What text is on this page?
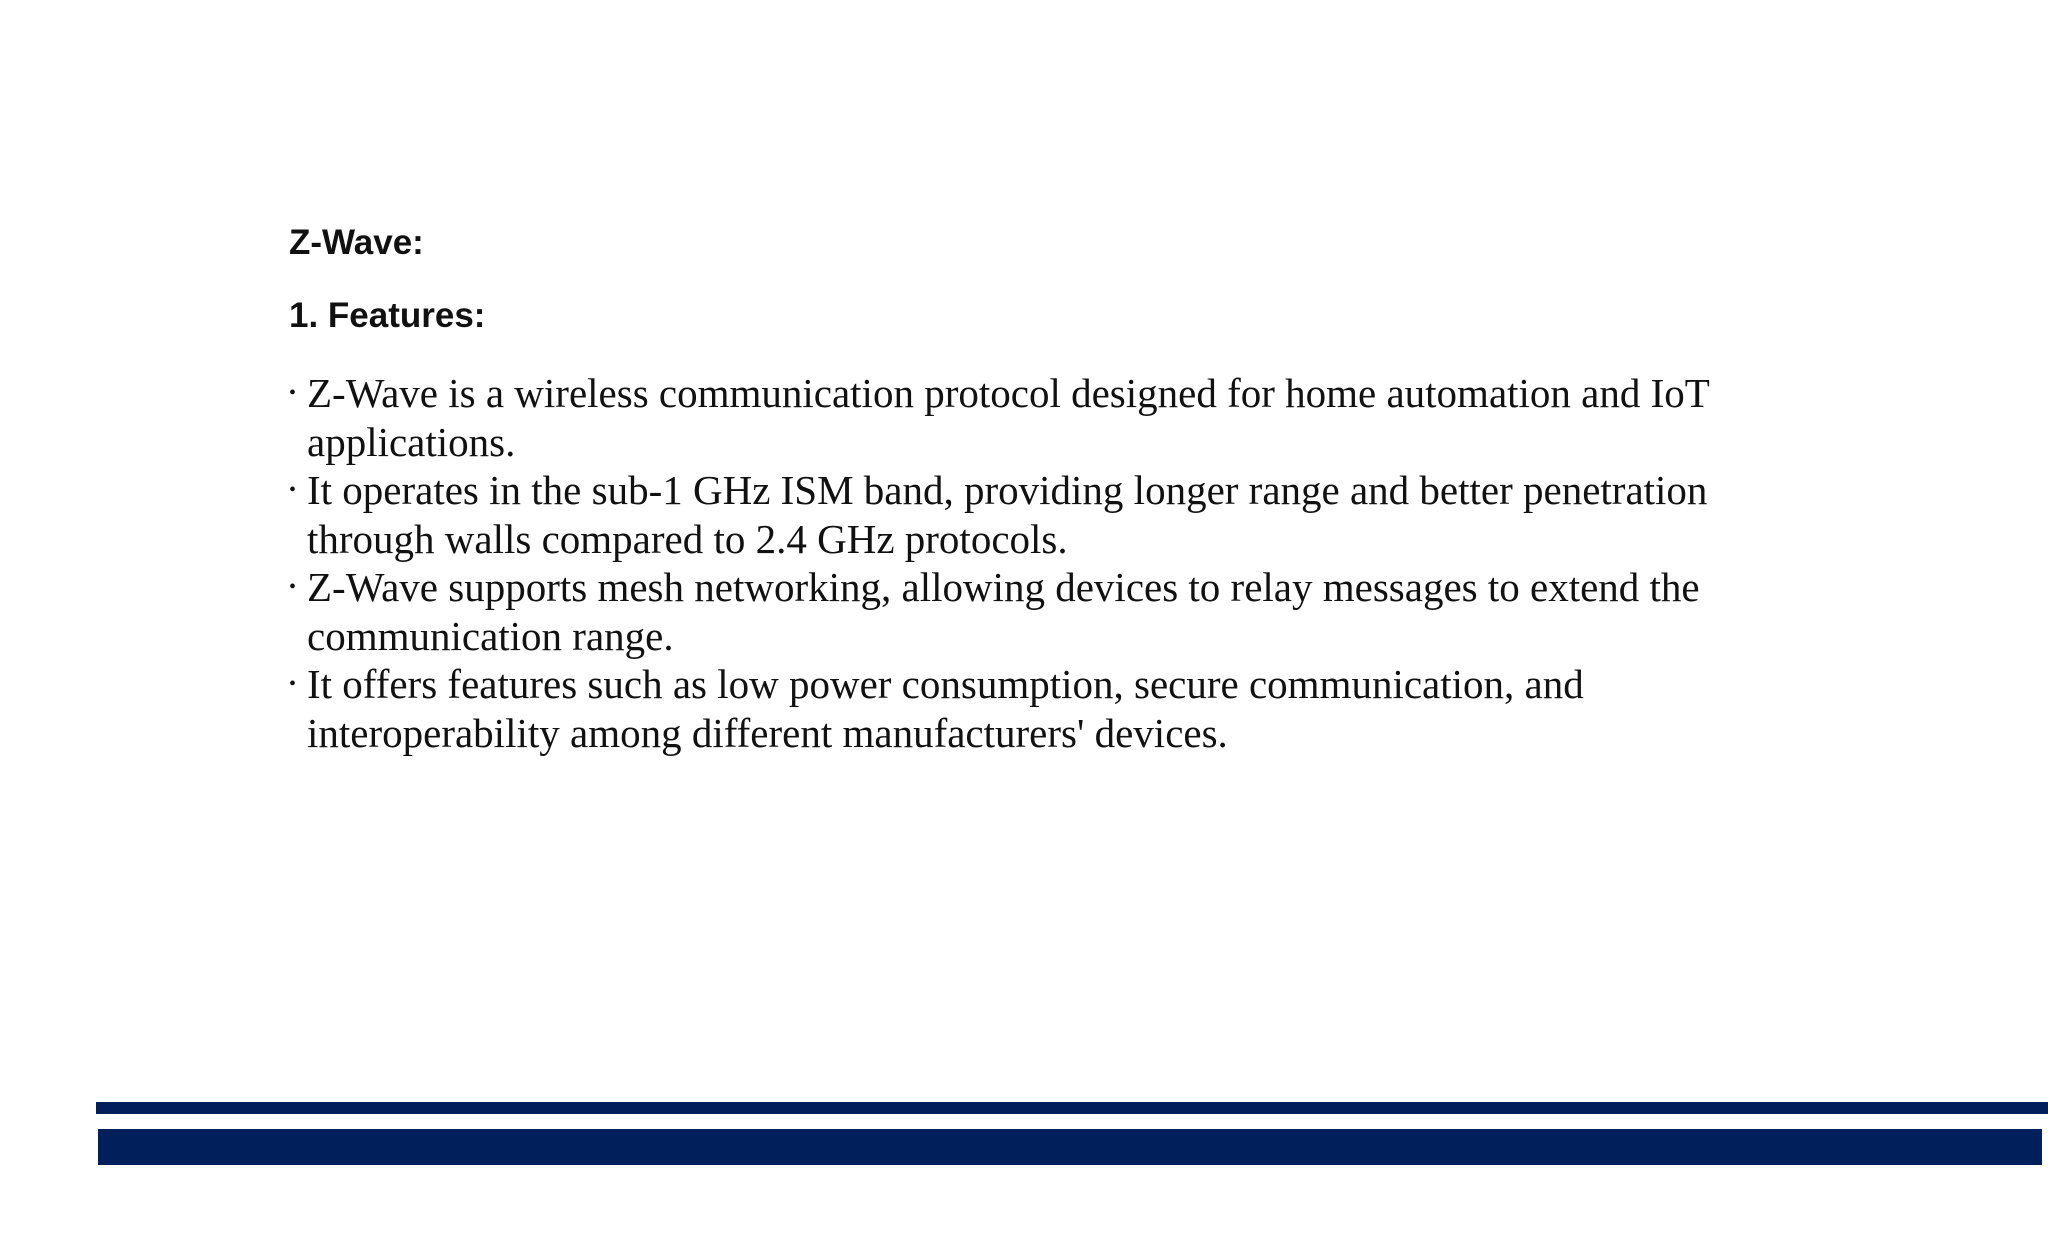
Z-Wave:
1. Features:
• Z-Wave is a wireless communication protocol designed for home automation and IoT applications.
• It operates in the sub-1 GHz ISM band, providing longer range and better penetration through walls compared to 2.4 GHz protocols.
• Z-Wave supports mesh networking, allowing devices to relay messages to extend the communication range.
• It offers features such as low power consumption, secure communication, and interoperability among different manufacturers' devices.
